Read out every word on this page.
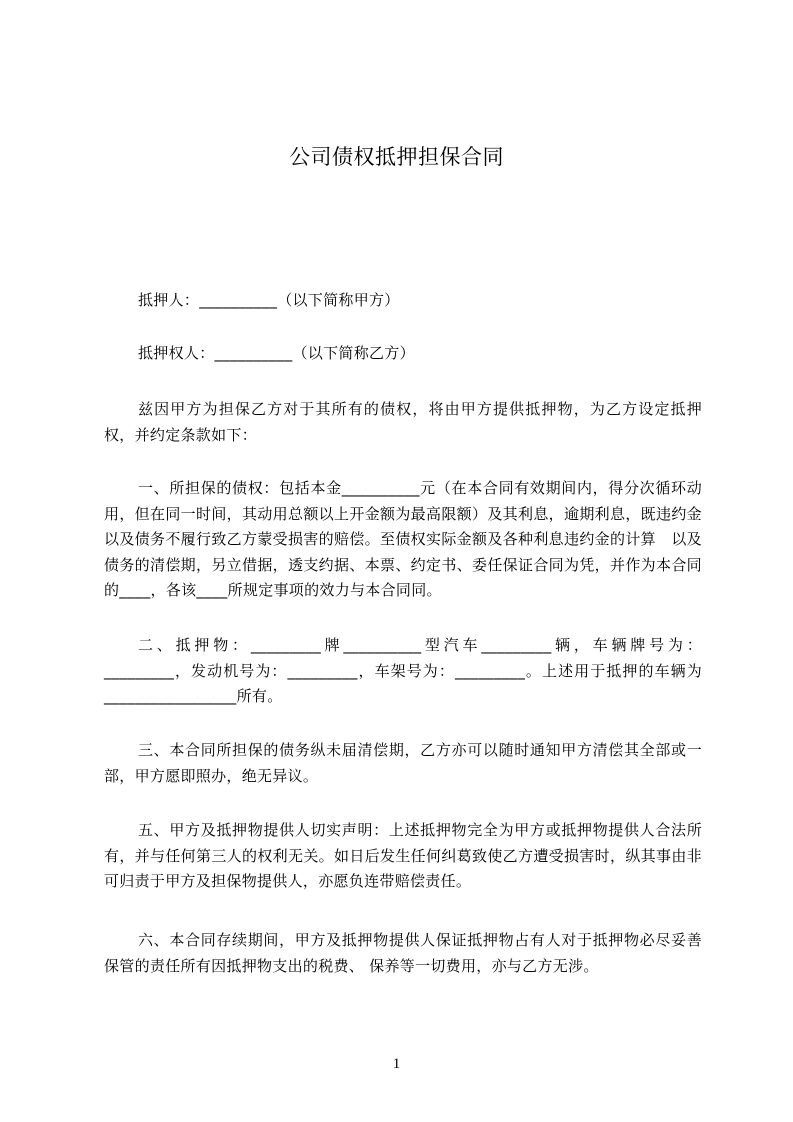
公司债权抵押担保合同
抵押人：__________（以下简称甲方）
抵押权人：__________（以下简称乙方）
兹因甲方为担保乙方对于其所有的债权，将由甲方提供抵押物，为乙方设定抵押权，并约定条款如下：
一、所担保的债权：包括本金__________元（在本合同有效期间内，得分次循环动用，但在同一时间，其动用总额以上开金额为最高限额）及其利息，逾期利息，既违约金以及债务不履行致乙方蒙受损害的赔偿。至债权实际金额及各种利息违约金的计算　以及债务的清偿期，另立借据，透支约据、本票、约定书、委任保证合同为凭，并作为本合同的____，各该____所规定事项的效力与本合同同。
二、抵押物：_________牌__________型汽车_________辆，车辆牌号为：_________，发动机号为：_________，车架号为：_________。上述用于抵押的车辆为_________________所有。
三、本合同所担保的债务纵未届清偿期，乙方亦可以随时通知甲方清偿其全部或一部，甲方愿即照办，绝无异议。
五、甲方及抵押物提供人切实声明：上述抵押物完全为甲方或抵押物提供人合法所有，并与任何第三人的权利无关。如日后发生任何纠葛致使乙方遭受损害时，纵其事由非可归责于甲方及担保物提供人，亦愿负连带赔偿责任。
六、本合同存续期间，甲方及抵押物提供人保证抵押物占有人对于抵押物必尽妥善保管的责任所有因抵押物支出的税费、 保养等一切费用，亦与乙方无涉。
1
